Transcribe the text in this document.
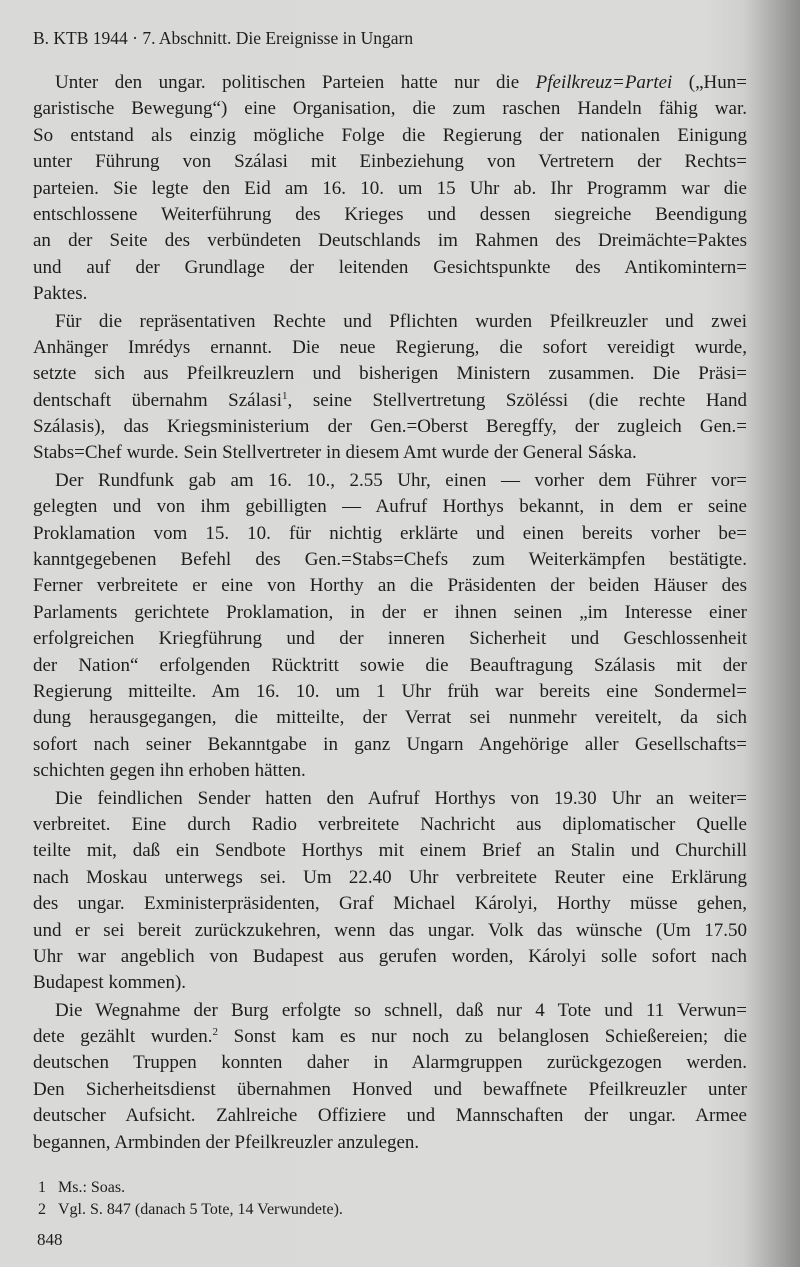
B. KTB 1944 · 7. Abschnitt. Die Ereignisse in Ungarn
Unter den ungar. politischen Parteien hatte nur die Pfeilkreuz=Partei („Hun=
garistische Bewegung“) eine Organisation, die zum raschen Handeln fähig war.
So entstand als einzig mögliche Folge die Regierung der nationalen Einigung
unter Führung von Szálasi mit Einbeziehung von Vertretern der Rechts=
parteien. Sie legte den Eid am 16. 10. um 15 Uhr ab. Ihr Programm war die
entschlossene Weiterführung des Krieges und dessen siegreiche Beendigung
an der Seite des verbündeten Deutschlands im Rahmen des Dreimächte=Paktes
und auf der Grundlage der leitenden Gesichtspunkte des Antikomintern=
Paktes.
Für die repräsentativen Rechte und Pflichten wurden Pfeilkreuzler und zwei
Anhänger Imrédys ernannt. Die neue Regierung, die sofort vereidigt wurde,
setzte sich aus Pfeilkreuzlern und bisherigen Ministern zusammen. Die Präsi=
dentschaft übernahm Szálasi$^1$, seine Stellvertretung Szöléssi (die rechte Hand
Szálasis), das Kriegsministerium der Gen.=Oberst Beregffy, der zugleich Gen.=
Stabs=Chef wurde. Sein Stellvertreter in diesem Amt wurde der General Sáska.
Der Rundfunk gab am 16. 10., 2.55 Uhr, einen — vorher dem Führer vor=
gelegten und von ihm gebilligten — Aufruf Horthys bekannt, in dem er seine
Proklamation vom 15. 10. für nichtig erklärte und einen bereits vorher be=
kanntgegebenen Befehl des Gen.=Stabs=Chefs zum Weiterkämpfen bestätigte.
Ferner verbreitete er eine von Horthy an die Präsidenten der beiden Häuser des
Parlaments gerichtete Proklamation, in der er ihnen seinen „im Interesse einer
erfolgreichen Kriegführung und der inneren Sicherheit und Geschlossenheit
der Nation“ erfolgenden Rücktritt sowie die Beauftragung Szálasis mit der
Regierung mitteilte. Am 16. 10. um 1 Uhr früh war bereits eine Sondermel=
dung herausgegangen, die mitteilte, der Verrat sei nunmehr vereitelt, da sich
sofort nach seiner Bekanntgabe in ganz Ungarn Angehörige aller Gesellschafts=
schichten gegen ihn erhoben hätten.
Die feindlichen Sender hatten den Aufruf Horthys von 19.30 Uhr an weiter=
verbreitet. Eine durch Radio verbreitete Nachricht aus diplomatischer Quelle
teilte mit, daß ein Sendbote Horthys mit einem Brief an Stalin und Churchill
nach Moskau unterwegs sei. Um 22.40 Uhr verbreitete Reuter eine Erklärung
des ungar. Exministerpräsidenten, Graf Michael Károlyi, Horthy müsse gehen,
und er sei bereit zurückzukehren, wenn das ungar. Volk das wünsche (Um 17.50
Uhr war angeblich von Budapest aus gerufen worden, Károlyi solle sofort nach
Budapest kommen).
Die Wegnahme der Burg erfolgte so schnell, daß nur 4 Tote und 11 Verwun=
dete gezählt wurden.$^2$ Sonst kam es nur noch zu belanglosen Schießereien; die
deutschen Truppen konnten daher in Alarmgruppen zurückgezogen werden.
Den Sicherheitsdienst übernahmen Honved und bewaffnete Pfeilkreuzler unter
deutscher Aufsicht. Zahlreiche Offiziere und Mannschaften der ungar. Armee
begannen, Armbinden der Pfeilkreuzler anzulegen.
1 Ms.: Soas.
2 Vgl. S. 847 (danach 5 Tote, 14 Verwundete).
848
